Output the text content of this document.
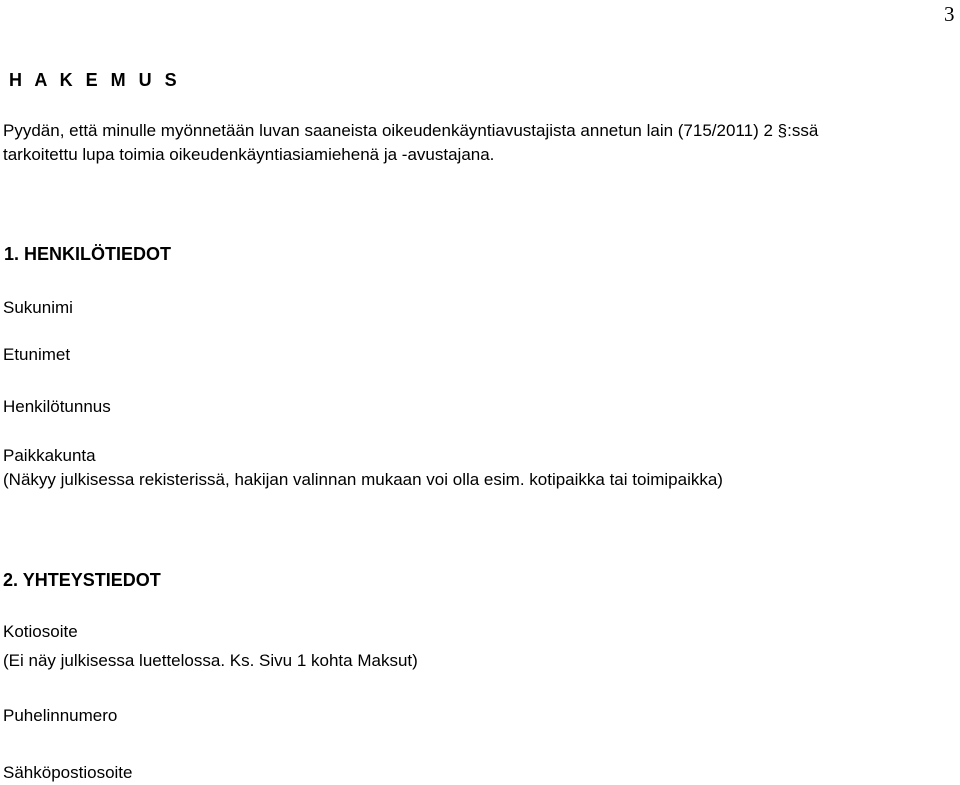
3
H A K E M U S
Pyydän, että minulle myönnetään luvan saaneista oikeudenkäyntiavustajista annetun lain (715/2011) 2 §:ssä
tarkoitettu lupa toimia oikeudenkäyntiasiamiehenä ja -avustajana.
1. HENKILÖTIEDOT
Sukunimi
Etunimet
Henkilötunnus
Paikkakunta
(Näkyy julkisessa rekisterissä, hakijan valinnan mukaan voi olla esim. kotipaikka tai toimipaikka)
2. YHTEYSTIEDOT
Kotiosoite
(Ei näy julkisessa luettelossa. Ks. Sivu 1 kohta Maksut)
Puhelinnumero
Sähköpostiosoite
